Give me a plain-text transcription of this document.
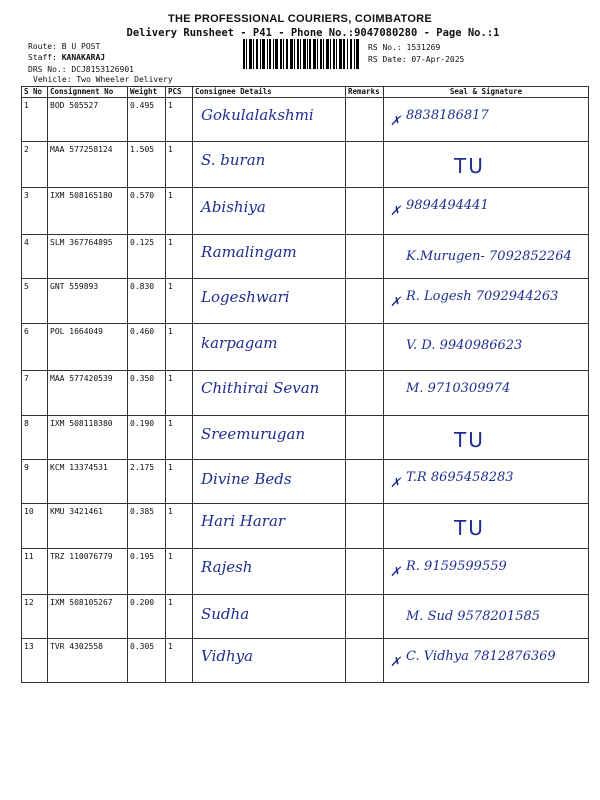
THE PROFESSIONAL COURIERS, COIMBATORE
Delivery Runsheet - P41 - Phone No.:9047080280 - Page No.:1
Route: B U POST
Staff: KANAKARAJ
DRS No.: DCJ8153126901
Vehicle: Two Wheeler Delivery
RS No.: 1531269
RS Date: 07-Apr-2025
S No	Consignment No	Weight	PCS	Consignee Details	Remarks	Seal & Signature
1	BOD 505527	0.495	1	Gokulalakshmi		✗ 8838186817

2	MAA 577258124	1.505	1	S. buran		TU

3	IXM 508165180	0.570	1	Abishiya		✗ 9894494441

4	SLM 367764895	0.125	1	Ramalingam		K.Murugen- 7092852264

5	GNT 559893	0.830	1	Logeshwari		✗ R. Logesh 7092944263

6	POL 1664049	0.460	1	karpagam		V. D. 9940986623

7	MAA 577420539	0.350	1	Chithirai Sevan		M. 9710309974

8	IXM 508118380	0.190	1	Sreemurugan		TU

9	KCM 13374531	2.175	1	Divine Beds		✗ T.R 8695458283

10	KMU 3421461	0.385	1	Hari Harar		TU

11	TRZ 110076779	0.195	1	Rajesh		✗ R. 9159599559

12	IXM 508105267	0.200	1	Sudha		M. Sud 9578201585

13	TVR 4302558	0.305	1	Vidhya		✗ C. Vidhya 7812876369
